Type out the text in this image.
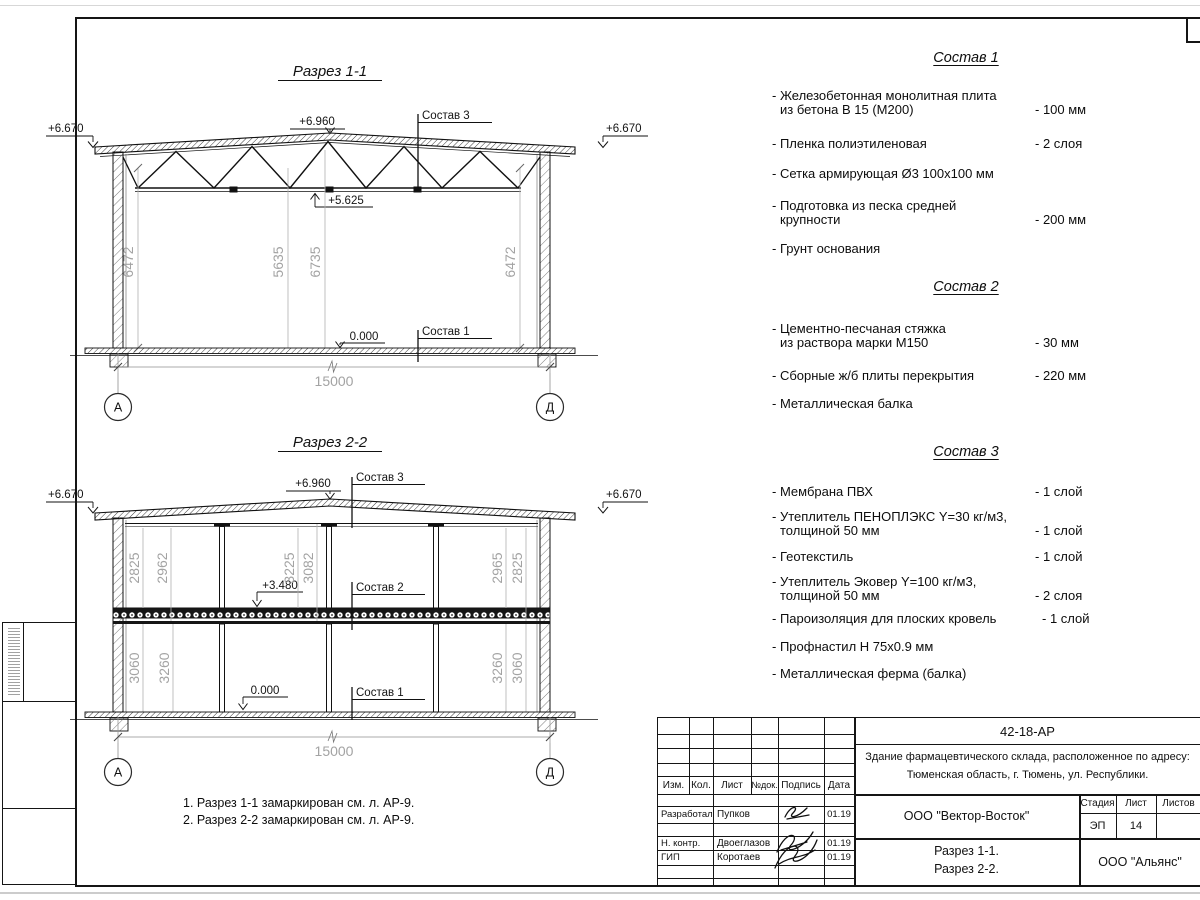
Разрез 1-1
+6.670	+6.670
+6.960
+5.625
0.000
Состав 3
Состав 1
6472	5635 6735	6472
15000
А	Д
Разрез 2-2
+6.670	+6.670
+6.960
+3.480
0.000
Состав 3
Состав 2
Состав 1
2825 2962	3225 3082	2965 2825
3060 3260	3260 3060
15000
А	Д
Состав 1
- Железобетонная монолитная плита
из бетона В 15 (М200)	- 100 мм
- Пленка полиэтиленовая	- 2 слоя
- Сетка армирующая Ø3 100х100 мм
- Подготовка из песка средней
крупности	- 200 мм
- Грунт основания
Состав 2
- Цементно-песчаная стяжка
из раствора марки М150	- 30 мм
- Сборные ж/б плиты перекрытия	- 220 мм
- Металлическая балка
Состав 3
- Мембрана ПВХ	- 1 слой
- Утеплитель ПЕНОПЛЭКС Y=30 кг/м3,
толщиной 50 мм	- 1 слой
- Геотекстиль	- 1 слой
- Утеплитель Эковер Y=100 кг/м3,
толщиной 50 мм	- 2 слоя
- Пароизоляция для плоских кровель	- 1 слой
- Профнастил Н 75х0.9 мм
- Металлическая ферма (балка)
1. Разрез 1-1 замаркирован см. л. АР-9.
2. Разрез 2-2 замаркирован см. л. АР-9.
Изм. Кол.	Лист №док. Подпись Дата
Разработал Пупков	01.19
Н. контр.	Двоеглазов	01.19
ГИП	Коротаев	01.19
42-18-АР
Здание фармацевтического склада, расположенное по адресу:
Тюменская область, г. Тюмень, ул. Республики.
ООО "Вектор-Восток"
Стадия	Лист	Листов
ЭП	14
Разрез 1-1.
Разрез 2-2.	ООО "Альянс"
